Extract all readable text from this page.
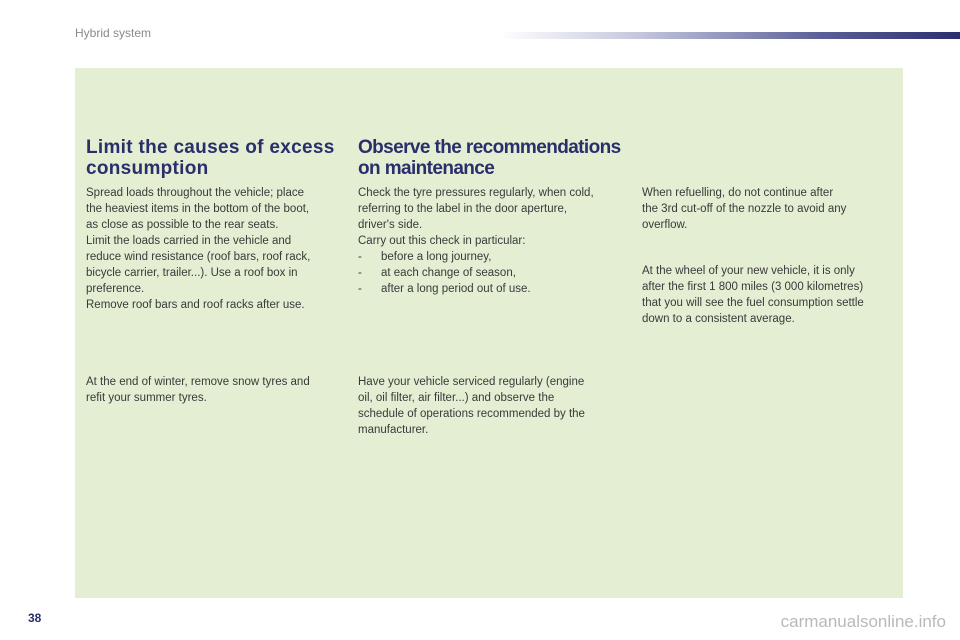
Hybrid system
Limit the causes of excess
consumption
Spread loads throughout the vehicle; place
the heaviest items in the bottom of the boot,
as close as possible to the rear seats.
Limit the loads carried in the vehicle and
reduce wind resistance (roof bars, roof rack,
bicycle carrier, trailer...). Use a roof box in
preference.
Remove roof bars and roof racks after use.
At the end of winter, remove snow tyres and
refit your summer tyres.
Observe the recommendations
on maintenance
Check the tyre pressures regularly, when cold,
referring to the label in the door aperture,
driver's side.
Carry out this check in particular:
- before a long journey,
- at each change of season,
- after a long period out of use.
Have your vehicle serviced regularly (engine
oil, oil filter, air filter...) and observe the
schedule of operations recommended by the
manufacturer.
When refuelling, do not continue after
the 3rd cut-off of the nozzle to avoid any
overflow.
At the wheel of your new vehicle, it is only
after the first 1 800 miles (3 000 kilometres)
that you will see the fuel consumption settle
down to a consistent average.
38	carmanualsonline.info
